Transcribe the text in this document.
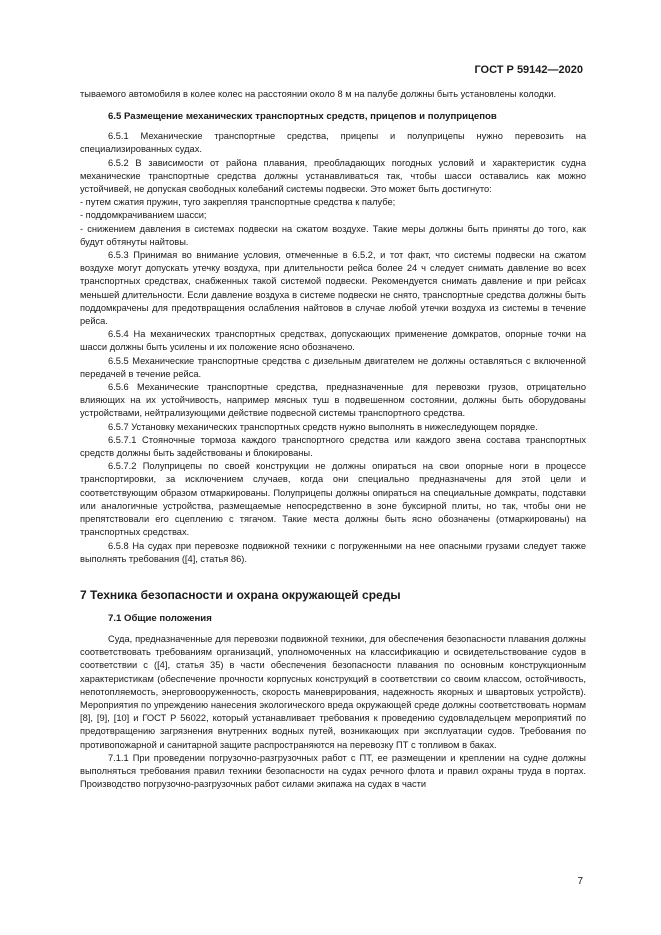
ГОСТ Р 59142—2020

тываемого автомобиля в колее колес на расстоянии около 8 м на палубе должны быть установлены колодки.

6.5 Размещение механических транспортных средств, прицепов и полуприцепов

6.5.1 Механические транспортные средства, прицепы и полуприцепы нужно перевозить на специализированных судах.

6.5.2 В зависимости от района плавания, преобладающих погодных условий и характеристик судна механические транспортные средства должны устанавливаться так, чтобы шасси оставались как можно устойчивей, не допуская свободных колебаний системы подвески. Это может быть достигнуто:

- путем сжатия пружин, туго закрепляя транспортные средства к палубе;

- поддомкрачиванием шасси;

- снижением давления в системах подвески на сжатом воздухе. Такие меры должны быть приняты до того, как будут обтянуты найтовы.

6.5.3 Принимая во внимание условия, отмеченные в 6.5.2, и тот факт, что системы подвески на сжатом воздухе могут допускать утечку воздуха, при длительности рейса более 24 ч следует снимать давление во всех транспортных средствах, снабженных такой системой подвески. Рекомендуется снимать давление и при рейсах меньшей длительности. Если давление воздуха в системе подвески не снято, транспортные средства должны быть поддомкрачены для предотвращения ослабления найтовов в случае любой утечки воздуха из системы в течение рейса.

6.5.4 На механических транспортных средствах, допускающих применение домкратов, опорные точки на шасси должны быть усилены и их положение ясно обозначено.

6.5.5 Механические транспортные средства с дизельным двигателем не должны оставляться с включенной передачей в течение рейса.

6.5.6 Механические транспортные средства, предназначенные для перевозки грузов, отрицательно влияющих на их устойчивость, например мясных туш в подвешенном состоянии, должны быть оборудованы устройствами, нейтрализующими действие подвесной системы транспортного средства.

6.5.7 Установку механических транспортных средств нужно выполнять в нижеследующем порядке.

6.5.7.1 Стояночные тормоза каждого транспортного средства или каждого звена состава транспортных средств должны быть задействованы и блокированы.

6.5.7.2 Полуприцепы по своей конструкции не должны опираться на свои опорные ноги в процессе транспортировки, за исключением случаев, когда они специально предназначены для этой цели и соответствующим образом отмаркированы. Полуприцепы должны опираться на специальные домкраты, подставки или аналогичные устройства, размещаемые непосредственно в зоне буксирной плиты, но так, чтобы они не препятствовали его сцеплению с тягачом. Такие места должны быть ясно обозначены (отмаркированы) на транспортных средствах.

6.5.8 На судах при перевозке подвижной техники с погруженными на нее опасными грузами следует также выполнять требования ([4], статья 86).

7 Техника безопасности и охрана окружающей среды
7.1 Общие положения

Суда, предназначенные для перевозки подвижной техники, для обеспечения безопасности плавания должны соответствовать требованиям организаций, уполномоченных на классификацию и освидетельствование судов в соответствии с ([4], статья 35) в части обеспечения безопасности плавания по основным конструкционным характеристикам (обеспечение прочности корпусных конструкций в соответствии со своим классом, остойчивость, непотопляемость, энерговооруженность, скорость маневрирования, надежность якорных и швартовых устройств). Мероприятия по упреждению нанесения экологического вреда окружающей среде должны соответствовать нормам [8], [9], [10] и ГОСТ Р 56022, который устанавливает требования к проведению судовладельцем мероприятий по предотвращению загрязнения внутренних водных путей, возникающих при эксплуатации судов. Требования по противопожарной и санитарной защите распространяются на перевозку ПТ с топливом в баках.

7.1.1 При проведении погрузочно-разгрузочных работ с ПТ, ее размещении и креплении на судне должны выполняться требования правил техники безопасности на судах речного флота и правил охраны труда в портах. Производство погрузочно-разгрузочных работ силами экипажа на судах в части

7
